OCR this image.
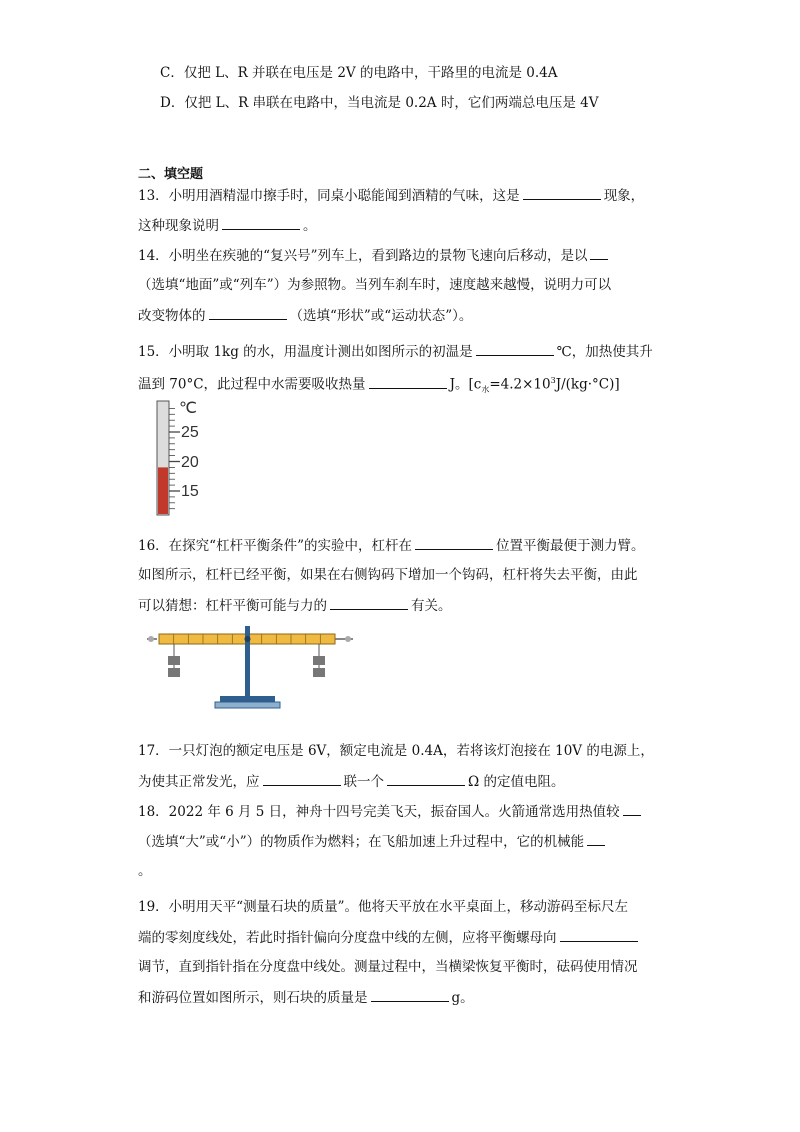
C．仅把 L、R 并联在电压是 2V 的电路中，干路里的电流是 0.4A
D．仅把 L、R 串联在电路中，当电流是 0.2A 时，它们两端总电压是 4V
二、填空题
13．小明用酒精湿巾擦手时，同桌小聪能闻到酒精的气味，这是	现象，
这种现象说明	。
14．小明坐在疾驰的“复兴号”列车上，看到路边的景物飞速向后移动，是以
（选填“地面”或“列车”）为参照物。当列车刹车时，速度越来越慢，说明力可以
改变物体的	（选填“形状”或“运动状态”）。
15．小明取 1kg 的水，用温度计测出如图所示的初温是	℃，加热使其升
温到 70°C，此过程中水需要吸收热量	J。$[c_水=4.2\times 10^3J/(kg\cdot^\circ C)]$
℃
25
20
15
16．在探究“杠杆平衡条件”的实验中，杠杆在	位置平衡最便于测力臂。
如图所示，杠杆已经平衡，如果在右侧钩码下增加一个钩码，杠杆将失去平衡，由此
可以猜想：杠杆平衡可能与力的	有关。
17．一只灯泡的额定电压是 6V，额定电流是 0.4A，若将该灯泡接在 10V 的电源上，
为使其正常发光，应	联一个	Ω 的定值电阻。
18．2022 年 6 月 5 日，神舟十四号完美飞天，振奋国人。火箭通常选用热值较
（选填“大”或“小”）的物质作为燃料；在飞船加速上升过程中，它的机械能
。
19．小明用天平“测量石块的质量”。他将天平放在水平桌面上，移动游码至标尺左
端的零刻度线处，若此时指针偏向分度盘中线的左侧，应将平衡螺母向
调节，直到指针指在分度盘中线处。测量过程中，当横梁恢复平衡时，砝码使用情况
和游码位置如图所示，则石块的质量是	g。
